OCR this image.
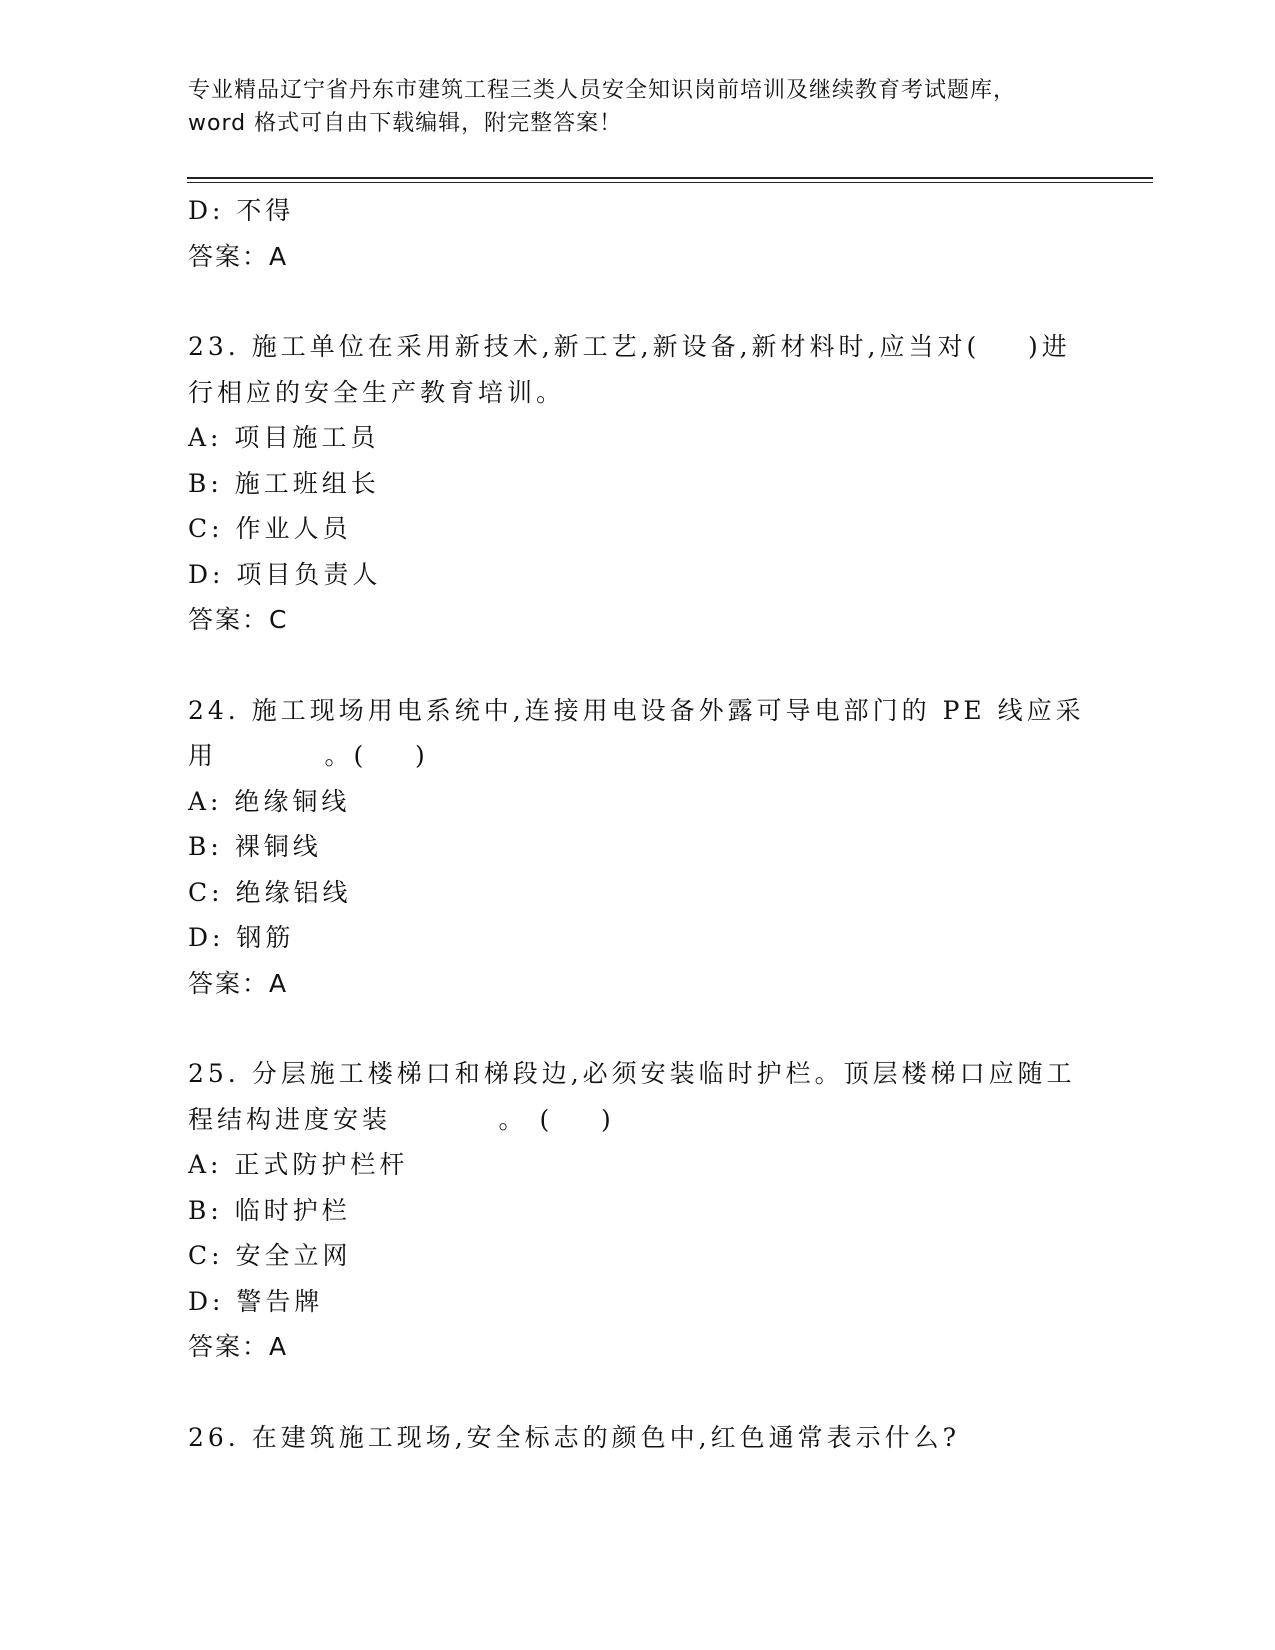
专业精品辽宁省丹东市建筑工程三类人员安全知识岗前培训及继续教育考试题库，

word 格式可自由下载编辑，附完整答案！
D: 不得
答案：A
23. 施工单位在采用新技术,新工艺,新设备,新材料时,应当对(    )进
行相应的安全生产教育培训。
A: 项目施工员
B: 施工班组长
C: 作业人员
D: 项目负责人
答案：C
24. 施工现场用电系统中,连接用电设备外露可导电部门的 PE 线应采
用         。(    )
A: 绝缘铜线
B: 裸铜线
C: 绝缘铝线
D: 钢筋
答案：A
25. 分层施工楼梯口和梯段边,必须安装临时护栏。顶层楼梯口应随工
程结构进度安装         。 (    )
A: 正式防护栏杆
B: 临时护栏
C: 安全立网
D: 警告牌
答案：A
26. 在建筑施工现场,安全标志的颜色中,红色通常表示什么?
